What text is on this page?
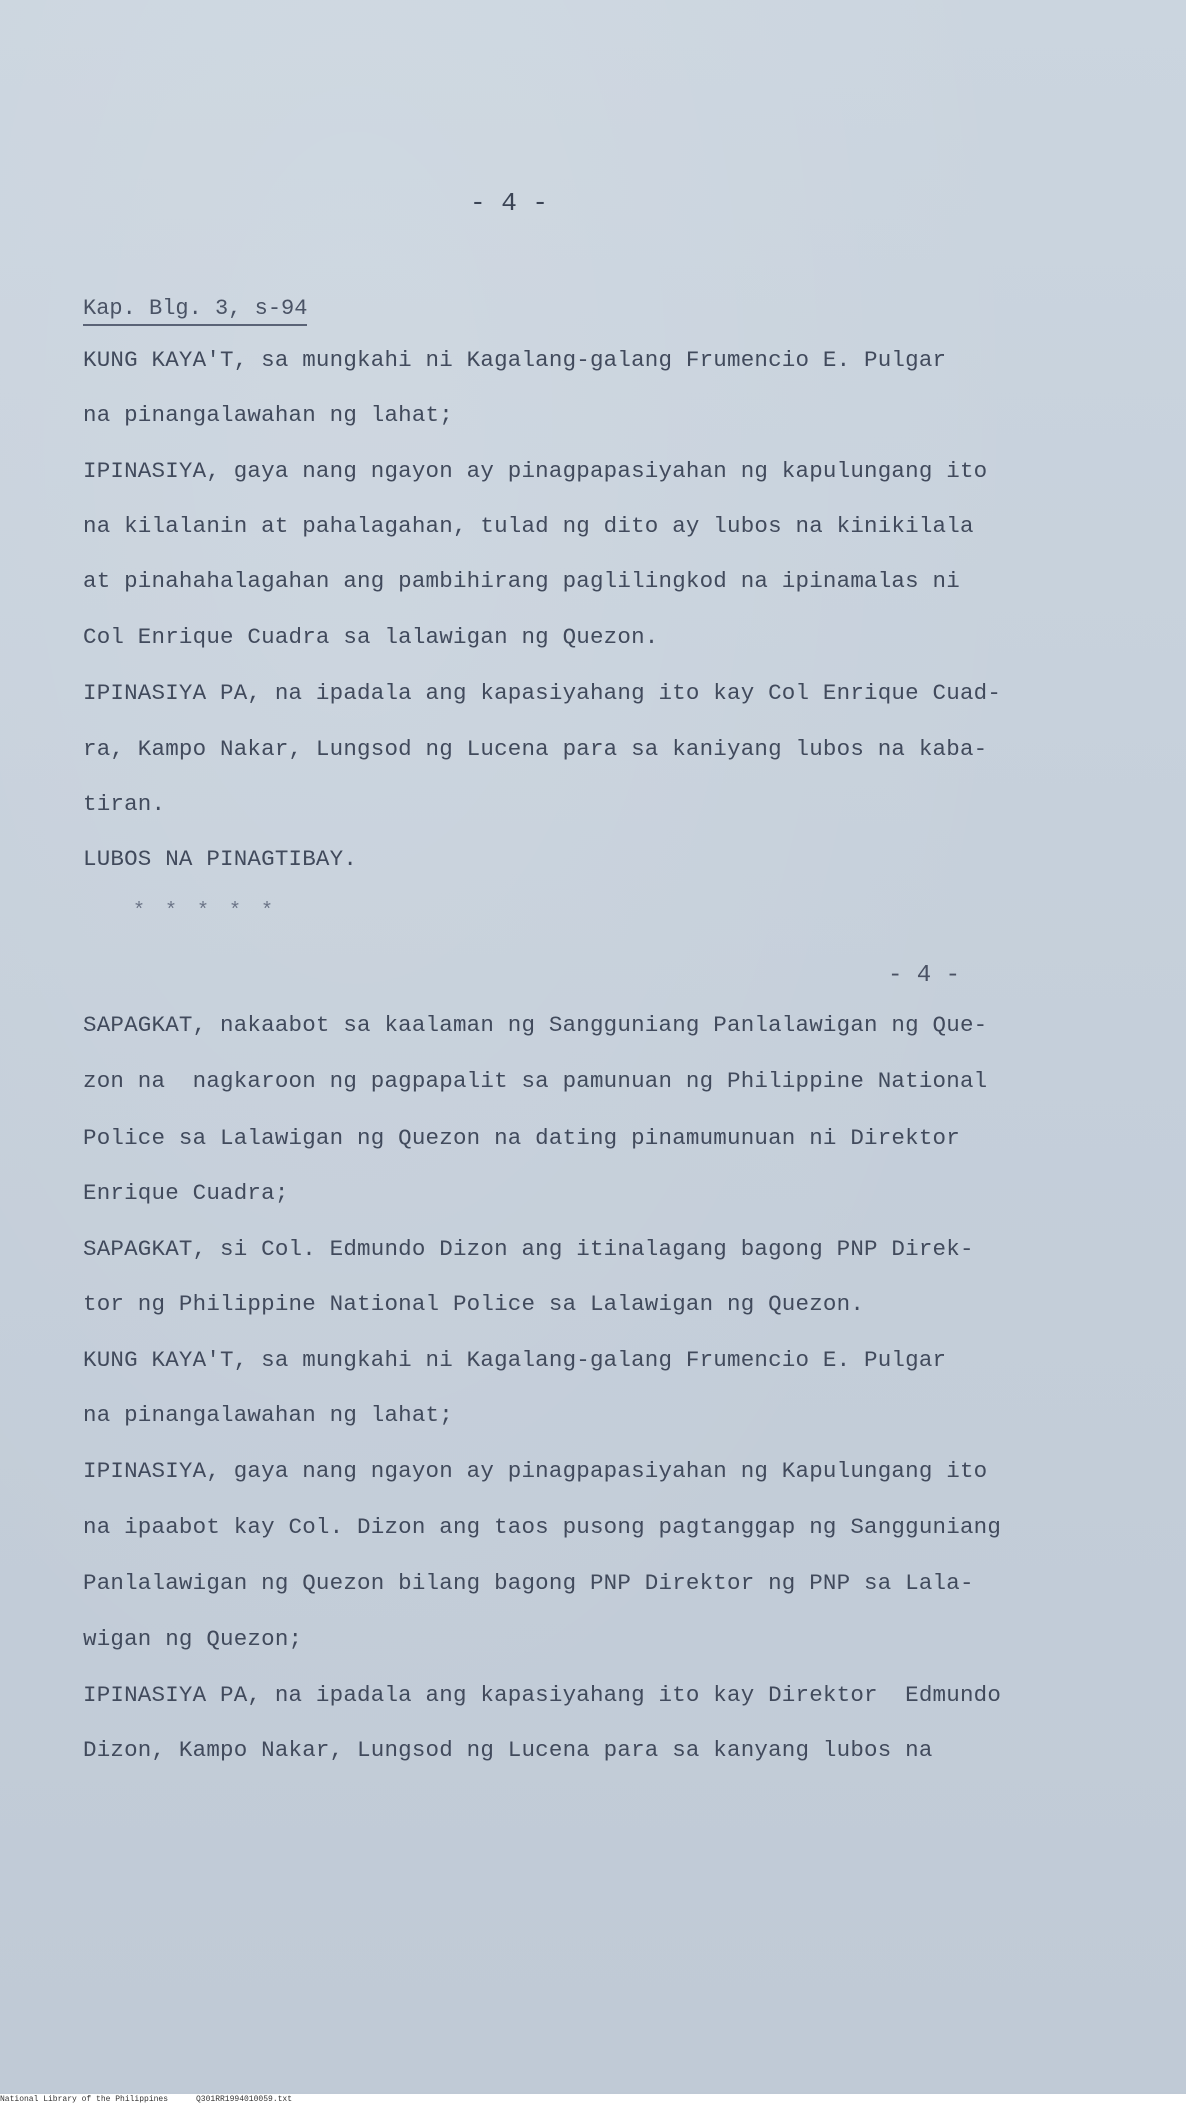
- 4 -
Kap. Blg. 3, s-94
KUNG KAYA'T, sa mungkahi ni Kagalang-galang Frumencio E. Pulgar
na pinangalawahan ng lahat;
IPINASIYA, gaya nang ngayon ay pinagpapasiyahan ng kapulungang ito
na kilalanin at pahalagahan, tulad ng dito ay lubos na kinikilala
at pinahahalagahan ang pambihirang paglilingkod na ipinamalas ni
Col Enrique Cuadra sa lalawigan ng Quezon.
IPINASIYA PA, na ipadala ang kapasiyahang ito kay Col Enrique Cuad-
ra, Kampo Nakar, Lungsod ng Lucena para sa kaniyang lubos na kaba-
tiran.
LUBOS NA PINAGTIBAY.
* * * * *
- 4 -
SAPAGKAT, nakaabot sa kaalaman ng Sangguniang Panlalawigan ng Que-
zon na  nagkaroon ng pagpapalit sa pamunuan ng Philippine National
Police sa Lalawigan ng Quezon na dating pinamumunuan ni Direktor
Enrique Cuadra;
SAPAGKAT, si Col. Edmundo Dizon ang itinalagang bagong PNP Direk-
tor ng Philippine National Police sa Lalawigan ng Quezon.
KUNG KAYA'T, sa mungkahi ni Kagalang-galang Frumencio E. Pulgar
na pinangalawahan ng lahat;
IPINASIYA, gaya nang ngayon ay pinagpapasiyahan ng Kapulungang ito
na ipaabot kay Col. Dizon ang taos pusong pagtanggap ng Sangguniang
Panlalawigan ng Quezon bilang bagong PNP Direktor ng PNP sa Lala-
wigan ng Quezon;
IPINASIYA PA, na ipadala ang kapasiyahang ito kay Direktor  Edmundo
Dizon, Kampo Nakar, Lungsod ng Lucena para sa kanyang lubos na
National Library of the Philippines	Q301RR1994010059.txt
